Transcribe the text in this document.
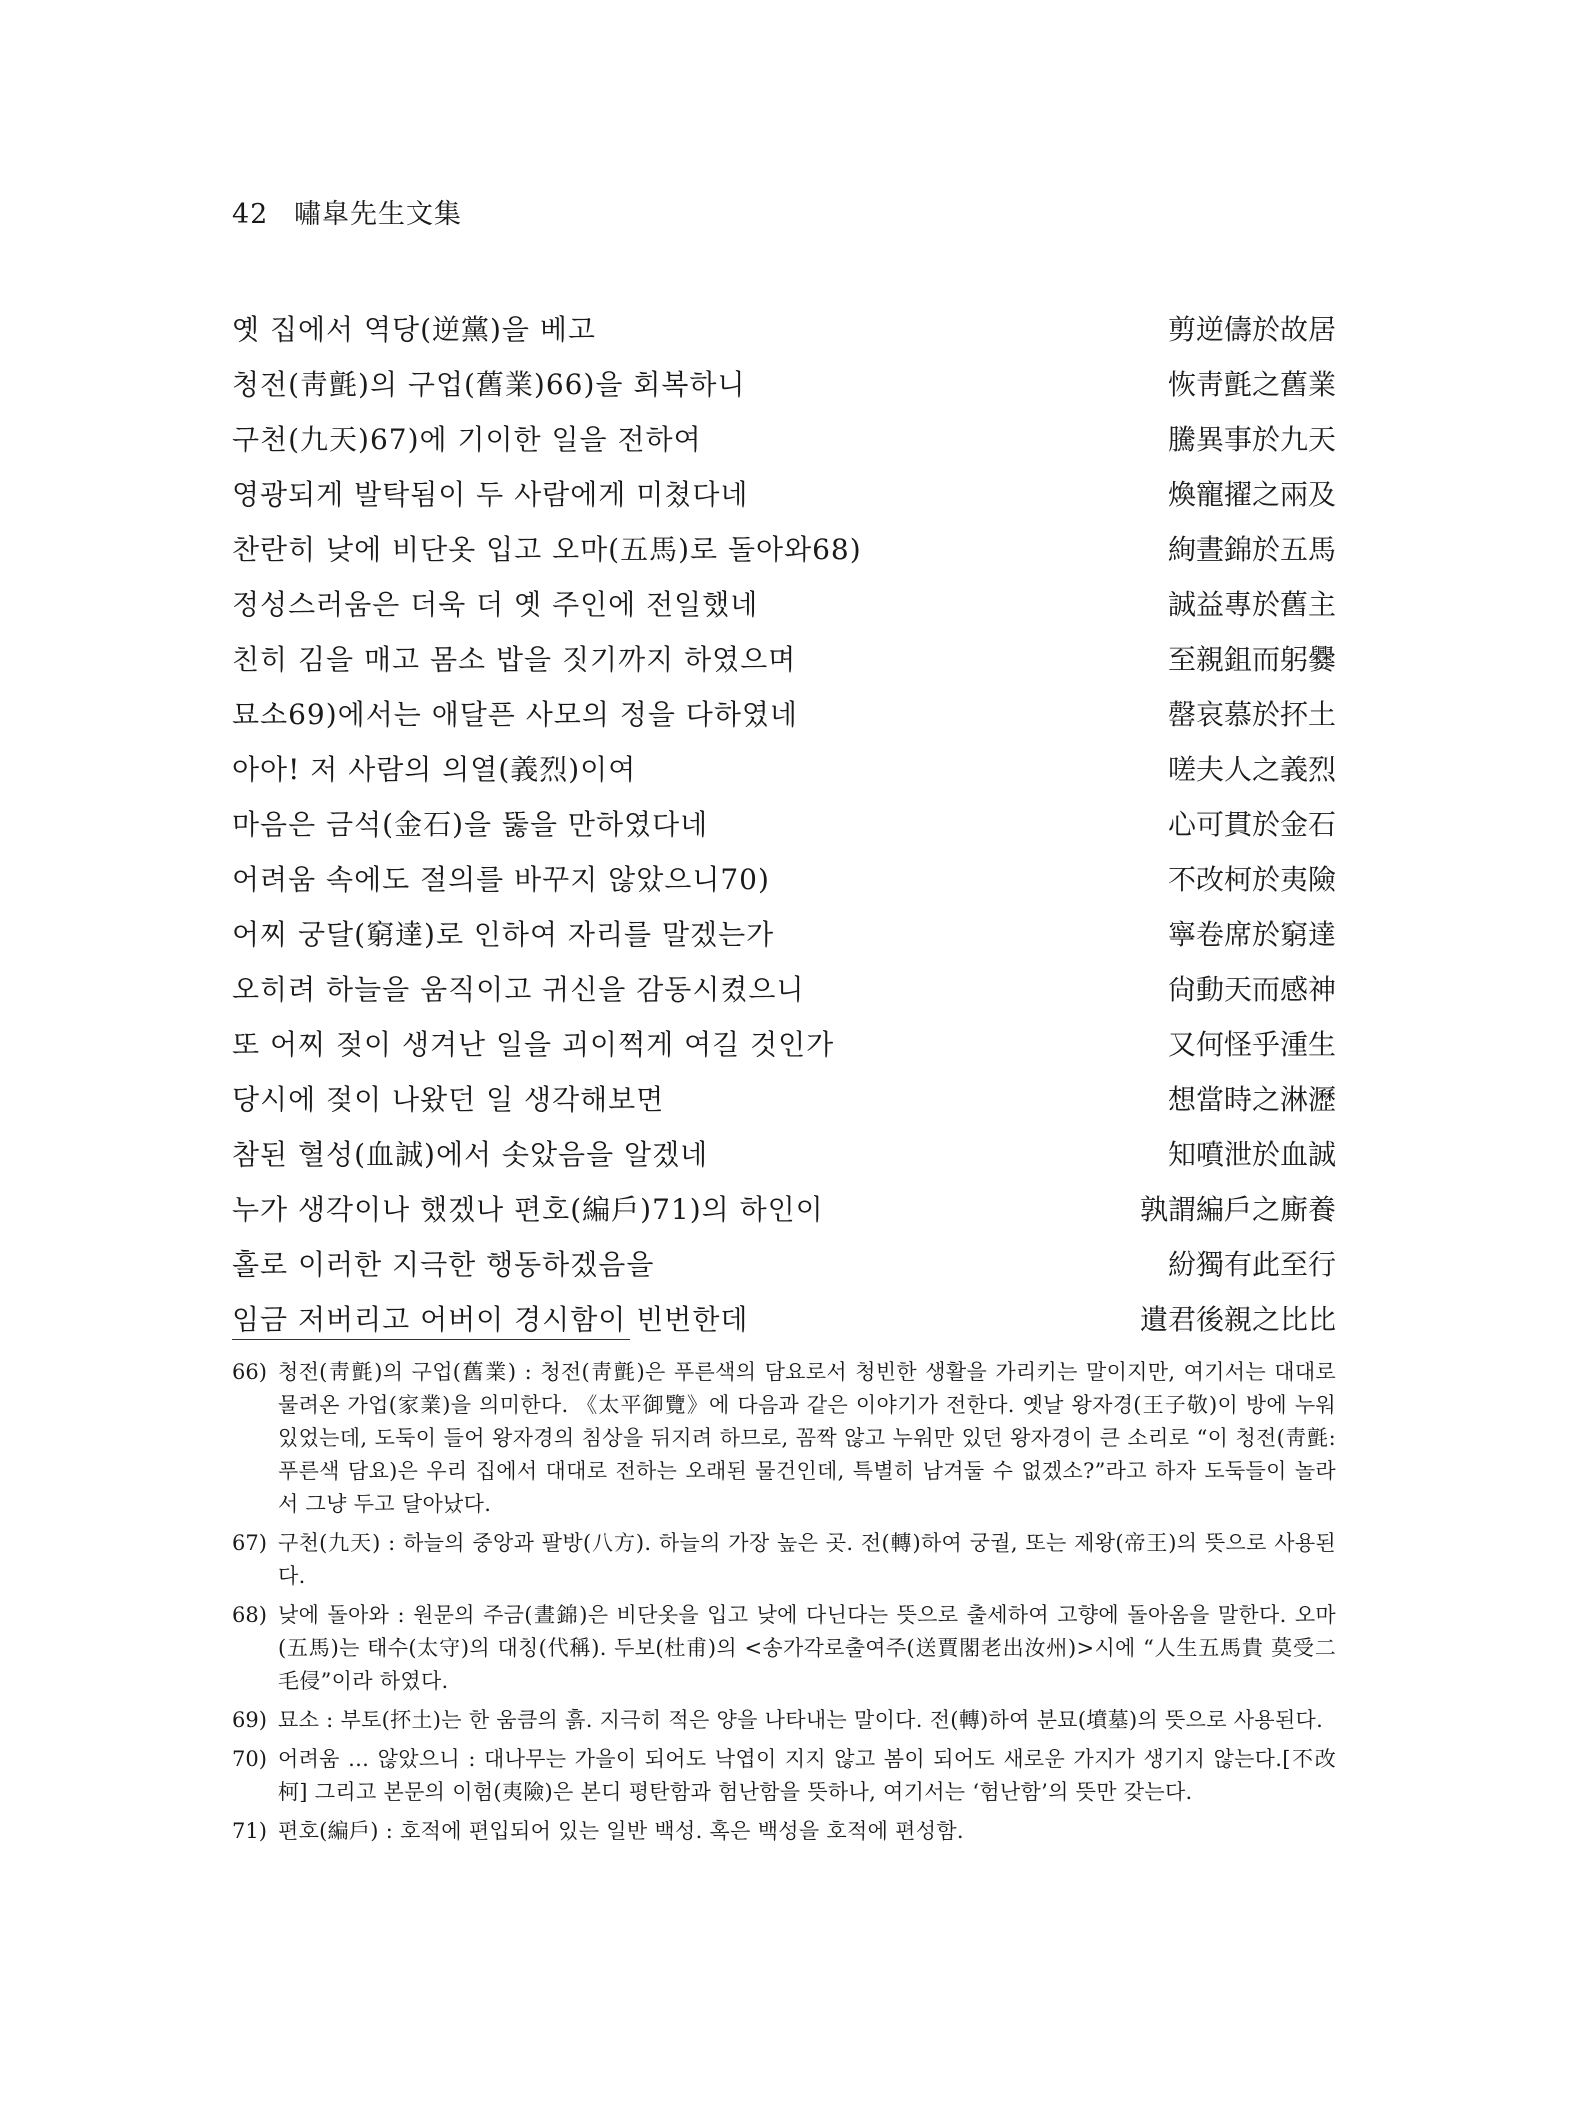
42 嘯皐先生文集
옛 집에서 역당(逆黨)을 베고	剪逆儔於故居
청전(靑氈)의 구업(舊業)66)을 회복하니	恢靑氈之舊業
구천(九天)67)에 기이한 일을 전하여	騰異事於九天
영광되게 발탁됨이 두 사람에게 미쳤다네	煥寵擢之兩及
찬란히 낮에 비단옷 입고 오마(五馬)로 돌아와68)	絢晝錦於五馬
정성스러움은 더욱 더 옛 주인에 전일했네	誠益專於舊主
친히 김을 매고 몸소 밥을 짓기까지 하였으며	至親鉏而躬爨
묘소69)에서는 애달픈 사모의 정을 다하였네	罄哀慕於抔土
아아! 저 사람의 의열(義烈)이여	嗟夫人之義烈
마음은 금석(金石)을 뚫을 만하였다네	心可貫於金石
어려움 속에도 절의를 바꾸지 않았으니70)	不改柯於夷險
어찌 궁달(窮達)로 인하여 자리를 말겠는가	寧卷席於窮達
오히려 하늘을 움직이고 귀신을 감동시켰으니	尙動天而感神
또 어찌 젖이 생겨난 일을 괴이쩍게 여길 것인가	又何怪乎湩生
당시에 젖이 나왔던 일 생각해보면	想當時之淋瀝
참된 혈성(血誠)에서 솟았음을 알겠네	知噴泄於血誠
누가 생각이나 했겠나 편호(編戶)71)의 하인이	孰謂編戶之廝養
홀로 이러한 지극한 행동하겠음을	紛獨有此至行
임금 저버리고 어버이 경시함이 빈번한데	遺君後親之比比
66) 청전(靑氈)의 구업(舊業) : 청전(靑氈)은 푸른색의 담요로서 청빈한 생활을 가리키는 말이지만, 여기서는 대대로 물려온 가업(家業)을 의미한다. 《太平御覽》에 다음과 같은 이야기가 전한다. 옛날 왕자경(王子敬)이 방에 누워 있었는데, 도둑이 들어 왕자경의 침상을 뒤지려 하므로, 꼼짝 않고 누워만 있던 왕자경이 큰 소리로 “이 청전(靑氈:푸른색 담요)은 우리 집에서 대대로 전하는 오래된 물건인데, 특별히 남겨둘 수 없겠소?”라고 하자 도둑들이 놀라서 그냥 두고 달아났다.
67) 구천(九天) : 하늘의 중앙과 팔방(八方). 하늘의 가장 높은 곳. 전(轉)하여 궁궐, 또는 제왕(帝王)의 뜻으로 사용된다.
68) 낮에 돌아와 : 원문의 주금(晝錦)은 비단옷을 입고 낮에 다닌다는 뜻으로 출세하여 고향에 돌아옴을 말한다. 오마(五馬)는 태수(太守)의 대칭(代稱). 두보(杜甫)의 <송가각로출여주(送賈閣老出汝州)>시에 “人生五馬貴 莫受二毛侵”이라 하였다.
69) 묘소 : 부토(抔土)는 한 움큼의 흙. 지극히 적은 양을 나타내는 말이다. 전(轉)하여 분묘(墳墓)의 뜻으로 사용된다.
70) 어려움 … 않았으니 : 대나무는 가을이 되어도 낙엽이 지지 않고 봄이 되어도 새로운 가지가 생기지 않는다.[不改柯] 그리고 본문의 이험(夷險)은 본디 평탄함과 험난함을 뜻하나, 여기서는 ‘험난함’의 뜻만 갖는다.
71) 편호(編戶) : 호적에 편입되어 있는 일반 백성. 혹은 백성을 호적에 편성함.
